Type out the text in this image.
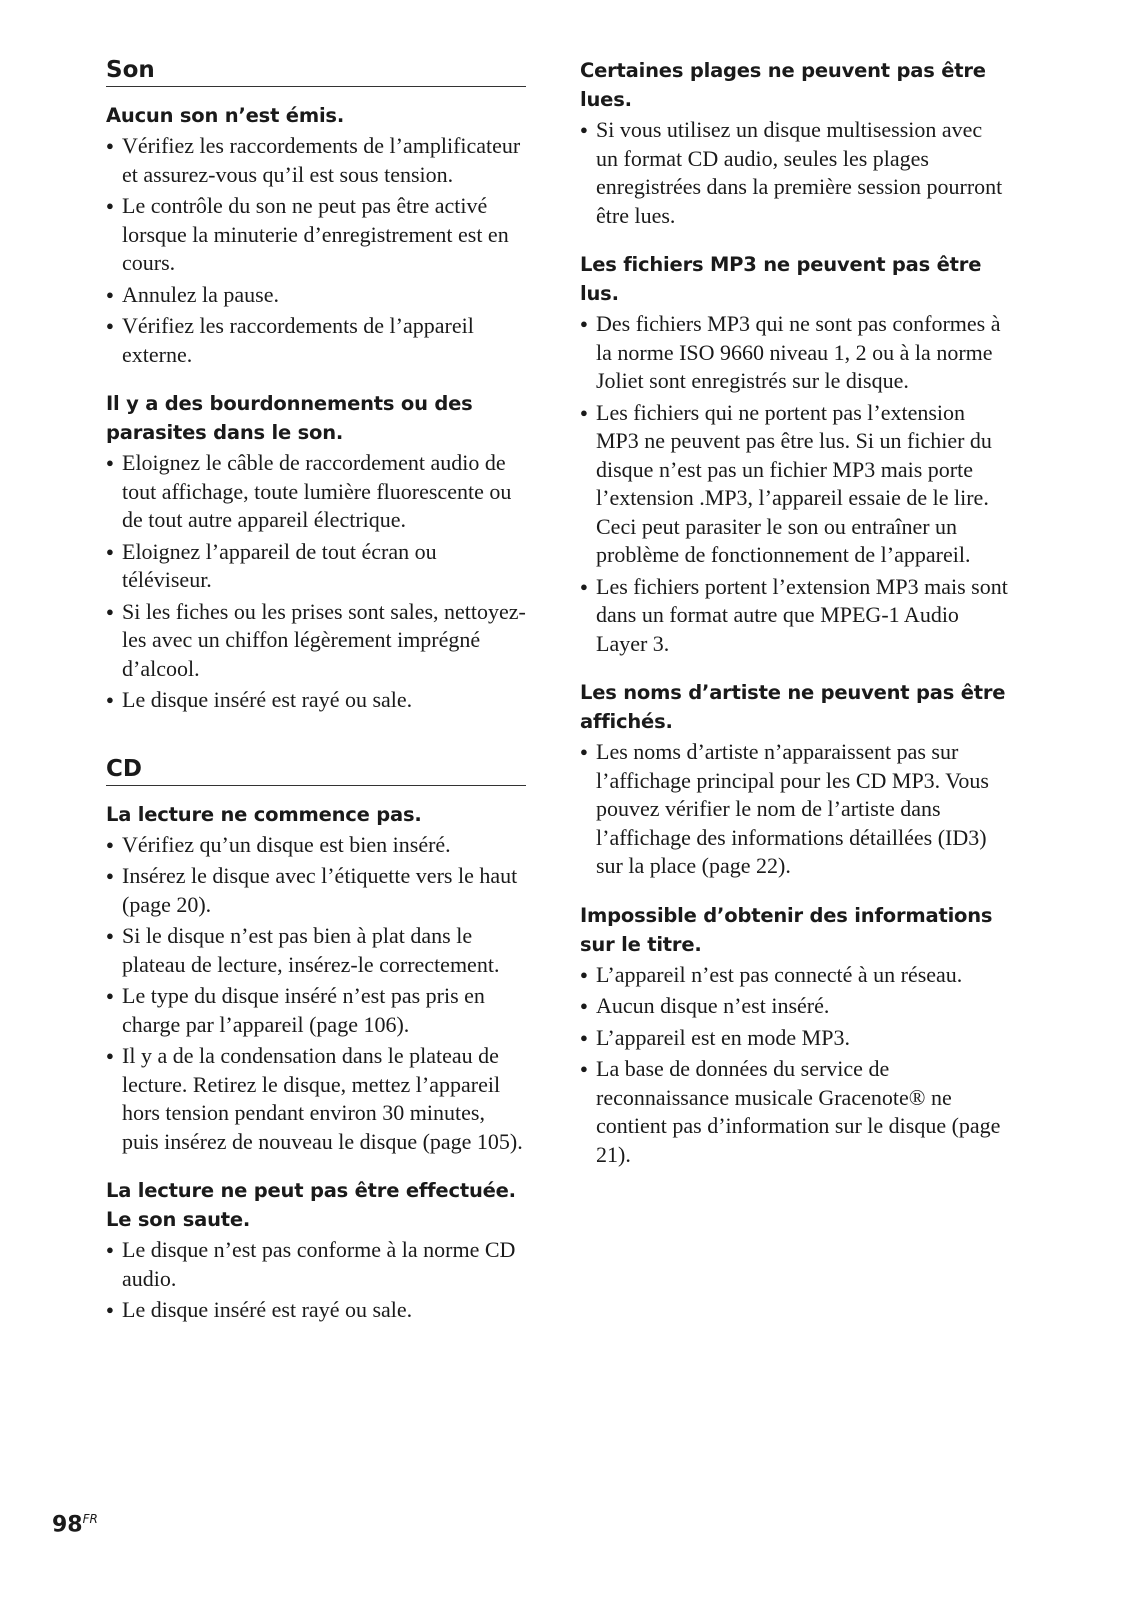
Son
Aucun son n’est émis.
● Vérifiez les raccordements de l’amplificateur et assurez-vous qu’il est sous tension.
● Le contrôle du son ne peut pas être activé lorsque la minuterie d’enregistrement est en cours.
● Annulez la pause.
● Vérifiez les raccordements de l’appareil externe.
Il y a des bourdonnements ou des parasites dans le son.
● Eloignez le câble de raccordement audio de tout affichage, toute lumière fluorescente ou de tout autre appareil électrique.
● Eloignez l’appareil de tout écran ou téléviseur.
● Si les fiches ou les prises sont sales, nettoyez-les avec un chiffon légèrement imprégné d’alcool.
● Le disque inséré est rayé ou sale.
CD
La lecture ne commence pas.
● Vérifiez qu’un disque est bien inséré.
● Insérez le disque avec l’étiquette vers le haut (page 20).
● Si le disque n’est pas bien à plat dans le plateau de lecture, insérez-le correctement.
● Le type du disque inséré n’est pas pris en charge par l’appareil (page 106).
● Il y a de la condensation dans le plateau de lecture. Retirez le disque, mettez l’appareil hors tension pendant environ 30 minutes, puis insérez de nouveau le disque (page 105).
La lecture ne peut pas être effectuée. Le son saute.
● Le disque n’est pas conforme à la norme CD audio.
● Le disque inséré est rayé ou sale.
Certaines plages ne peuvent pas être lues.
● Si vous utilisez un disque multisession avec un format CD audio, seules les plages enregistrées dans la première session pourront être lues.
Les fichiers MP3 ne peuvent pas être lus.
● Des fichiers MP3 qui ne sont pas conformes à la norme ISO 9660 niveau 1, 2 ou à la norme Joliet sont enregistrés sur le disque.
● Les fichiers qui ne portent pas l’extension MP3 ne peuvent pas être lus. Si un fichier du disque n’est pas un fichier MP3 mais porte l’extension .MP3, l’appareil essaie de le lire. Ceci peut parasiter le son ou entraîner un problème de fonctionnement de l’appareil.
● Les fichiers portent l’extension MP3 mais sont dans un format autre que MPEG-1 Audio Layer 3.
Les noms d’artiste ne peuvent pas être affichés.
● Les noms d’artiste n’apparaissent pas sur l’affichage principal pour les CD MP3. Vous pouvez vérifier le nom de l’artiste dans l’affichage des informations détaillées (ID3) sur la place (page 22).
Impossible d’obtenir des informations sur le titre.
● L’appareil n’est pas connecté à un réseau.
● Aucun disque n’est inséré.
● L’appareil est en mode MP3.
● La base de données du service de reconnaissance musicale Gracenote® ne contient pas d’information sur le disque (page 21).
$98^{FR}$
